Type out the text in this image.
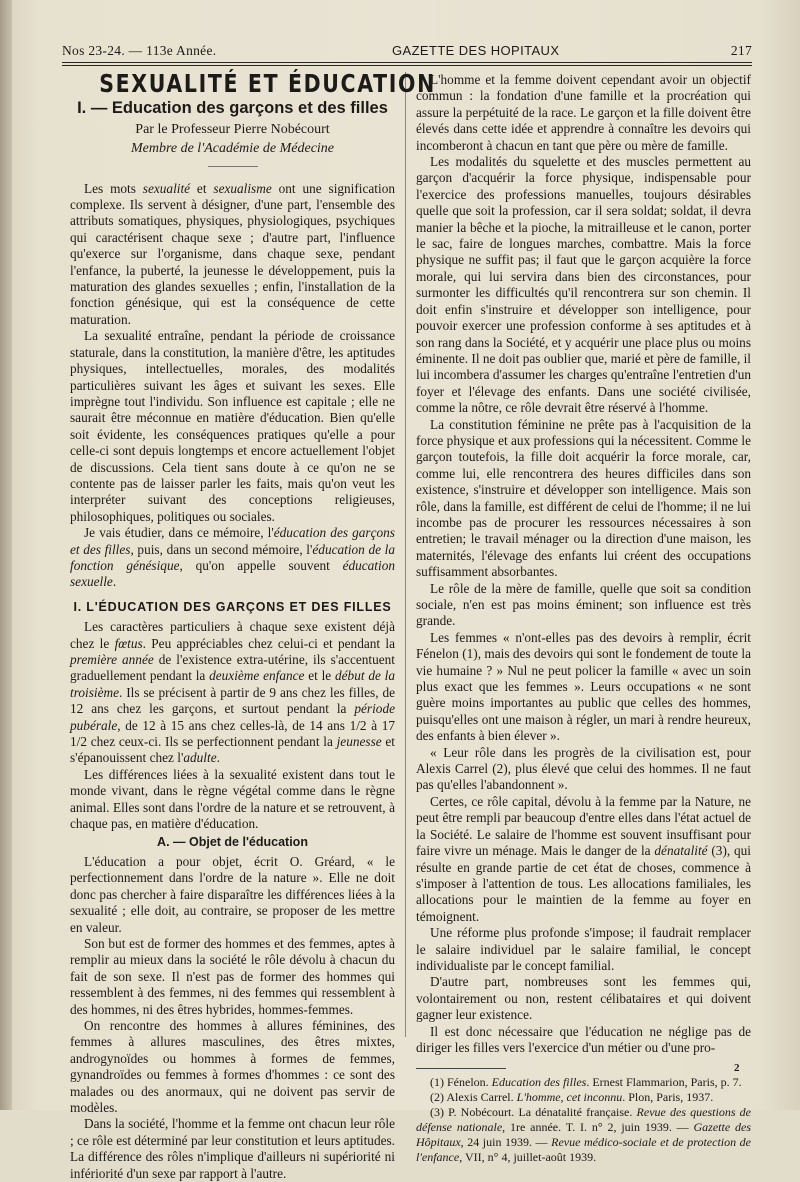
Nos 23-24. — 113e Année.	GAZETTE DES HOPITAUX	217
SEXUALITÉ ET ÉDUCATION
I. — Education des garçons et des filles
Par le Professeur Pierre Nobécourt
Membre de l'Académie de Médecine

Les mots sexualité et sexualisme ont une signification complexe. Ils servent à désigner, d'une part, l'ensemble des attributs somatiques, physiques, physiologiques, psychiques qui caractérisent chaque sexe ; d'autre part, l'influence qu'exerce sur l'organisme, dans chaque sexe, pendant l'enfance, la puberté, la jeunesse le développement, puis la maturation des glandes sexuelles ; enfin, l'installation de la fonction génésique, qui est la conséquence de cette maturation.

La sexualité entraîne, pendant la période de croissance staturale, dans la constitution, la manière d'être, les aptitudes physiques, intellectuelles, morales, des modalités particulières suivant les âges et suivant les sexes. Elle imprègne tout l'individu. Son influence est capitale ; elle ne saurait être méconnue en matière d'éducation. Bien qu'elle soit évidente, les conséquences pratiques qu'elle a pour celle-ci sont depuis longtemps et encore actuellement l'objet de discussions. Cela tient sans doute à ce qu'on ne se contente pas de laisser parler les faits, mais qu'on veut les interpréter suivant des conceptions religieuses, philosophiques, politiques ou sociales.

Je vais étudier, dans ce mémoire, l'éducation des garçons et des filles, puis, dans un second mémoire, l'éducation de la fonction génésique, qu'on appelle souvent éducation sexuelle.

I. L'ÉDUCATION DES GARÇONS ET DES FILLES

Les caractères particuliers à chaque sexe existent déjà chez le fœtus. Peu appréciables chez celui-ci et pendant la première année de l'existence extra-utérine, ils s'accentuent graduellement pendant la deuxième enfance et le début de la troisième. Ils se précisent à partir de 9 ans chez les filles, de 12 ans chez les garçons, et surtout pendant la période pubérale, de 12 à 15 ans chez celles-là, de 14 ans 1/2 à 17 1/2 chez ceux-ci. Ils se perfectionnent pendant la jeunesse et s'épanouissent chez l'adulte.

Les différences liées à la sexualité existent dans tout le monde vivant, dans le règne végétal comme dans le règne animal. Elles sont dans l'ordre de la nature et se retrouvent, à chaque pas, en matière d'éducation.

A. — Objet de l'éducation

L'éducation a pour objet, écrit O. Gréard, « le perfectionnement dans l'ordre de la nature ». Elle ne doit donc pas chercher à faire disparaître les différences liées à la sexualité ; elle doit, au contraire, se proposer de les mettre en valeur.

Son but est de former des hommes et des femmes, aptes à remplir au mieux dans la société le rôle dévolu à chacun du fait de son sexe. Il n'est pas de former des hommes qui ressemblent à des femmes, ni des femmes qui ressemblent à des hommes, ni des êtres hybrides, hommes-femmes.

On rencontre des hommes à allures féminines, des femmes à allures masculines, des êtres mixtes, androgynoïdes ou hommes à formes de femmes, gynandroïdes ou femmes à formes d'hommes : ce sont des malades ou des anormaux, qui ne doivent pas servir de modèles.

Dans la société, l'homme et la femme ont chacun leur rôle ; ce rôle est déterminé par leur constitution et leurs aptitudes. La différence des rôles n'implique d'ailleurs ni supériorité ni infériorité d'un sexe par rapport à l'autre.

L'homme et la femme doivent cependant avoir un objectif commun : la fondation d'une famille et la procréation qui assure la perpétuité de la race. Le garçon et la fille doivent être élevés dans cette idée et apprendre à connaître les devoirs qui incomberont à chacun en tant que père ou mère de famille.

Les modalités du squelette et des muscles permettent au garçon d'acquérir la force physique, indispensable pour l'exercice des professions manuelles, toujours désirables quelle que soit la profession, car il sera soldat; soldat, il devra manier la bêche et la pioche, la mitrailleuse et le canon, porter le sac, faire de longues marches, combattre. Mais la force physique ne suffit pas; il faut que le garçon acquière la force morale, qui lui servira dans bien des circonstances, pour surmonter les difficultés qu'il rencontrera sur son chemin. Il doit enfin s'instruire et développer son intelligence, pour pouvoir exercer une profession conforme à ses aptitudes et à son rang dans la Société, et y acquérir une place plus ou moins éminente. Il ne doit pas oublier que, marié et père de famille, il lui incombera d'assumer les charges qu'entraîne l'entretien d'un foyer et l'élevage des enfants. Dans une société civilisée, comme la nôtre, ce rôle devrait être réservé à l'homme.

La constitution féminine ne prête pas à l'acquisition de la force physique et aux professions qui la nécessitent. Comme le garçon toutefois, la fille doit acquérir la force morale, car, comme lui, elle rencontrera des heures difficiles dans son existence, s'instruire et développer son intelligence. Mais son rôle, dans la famille, est différent de celui de l'homme; il ne lui incombe pas de procurer les ressources nécessaires à son entretien; le travail ménager ou la direction d'une maison, les maternités, l'élevage des enfants lui créent des occupations suffisamment absorbantes.

Le rôle de la mère de famille, quelle que soit sa condition sociale, n'en est pas moins éminent; son influence est très grande.

Les femmes « n'ont-elles pas des devoirs à remplir, écrit Fénelon (1), mais des devoirs qui sont le fondement de toute la vie humaine ? » Nul ne peut policer la famille « avec un soin plus exact que les femmes ». Leurs occupations « ne sont guère moins importantes au public que celles des hommes, puisqu'elles ont une maison à régler, un mari à rendre heureux, des enfants à bien élever ».

« Leur rôle dans les progrès de la civilisation est, pour Alexis Carrel (2), plus élevé que celui des hommes. Il ne faut pas qu'elles l'abandonnent ».

Certes, ce rôle capital, dévolu à la femme par la Nature, ne peut être rempli par beaucoup d'entre elles dans l'état actuel de la Société. Le salaire de l'homme est souvent insuffisant pour faire vivre un ménage. Mais le danger de la dénatalité (3), qui résulte en grande partie de cet état de choses, commence à s'imposer à l'attention de tous. Les allocations familiales, les allocations pour le maintien de la femme au foyer en témoignent.

Une réforme plus profonde s'impose; il faudrait remplacer le salaire individuel par le salaire familial, le concept individualiste par le concept familial.

D'autre part, nombreuses sont les femmes qui, volontairement ou non, restent célibataires et qui doivent gagner leur existence.

Il est donc nécessaire que l'éducation ne néglige pas de diriger les filles vers l'exercice d'un métier ou d'une pro-

(1) Fénelon. Education des filles. Ernest Flammarion, Paris, p. 7.

(2) Alexis Carrel. L'homme, cet inconnu. Plon, Paris, 1937.

(3) P. Nobécourt. La dénatalité française. Revue des questions de défense nationale, 1re année. T. I. n° 2, juin 1939. — Gazette des Hôpitaux, 24 juin 1939. — Revue médico-sociale et de protection de l'enfance, VII, n° 4, juillet-août 1939.

2
